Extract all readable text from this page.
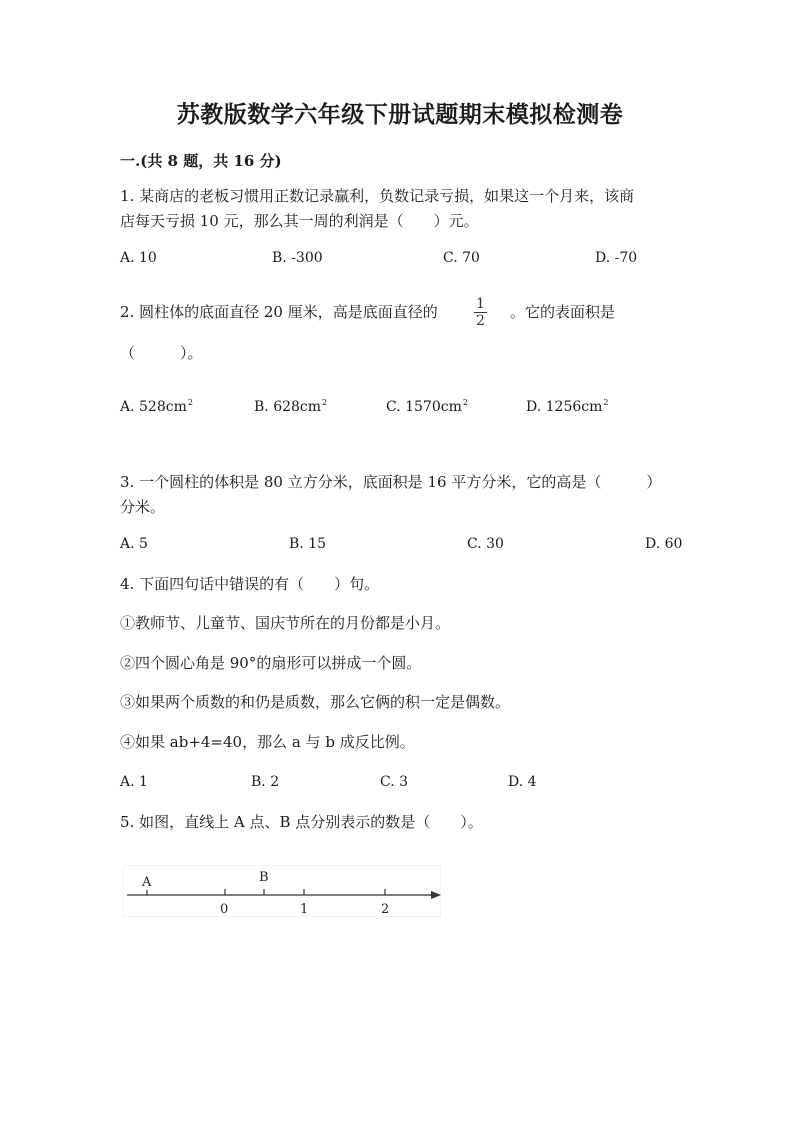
苏教版数学六年级下册试题期末模拟检测卷
一.(共 8 题，共 16 分)
1. 某商店的老板习惯用正数记录赢利，负数记录亏损，如果这一个月来，该商
店每天亏损 10 元，那么其一周的利润是（　　）元。
A. 10	B. -300	C. 70	D. -70
2. 圆柱体的底面直径 20 厘米，高是底面直径的	$\frac{1}{2}$ 。它的表面积是
（　　　）。
A. $528cm^2$	B. $628cm^2$	C. $1570cm^2$	D. $1256cm^2$
3. 一个圆柱的体积是 80 立方分米，底面积是 16 平方分米，它的高是（　　　）
分米。
A. 5	B. 15	C. 30	D. 60
4. 下面四句话中错误的有（　　）句。
①教师节、儿童节、国庆节所在的月份都是小月。
②四个圆心角是 90°的扇形可以拼成一个圆。
③如果两个质数的和仍是质数，那么它俩的积一定是偶数。
④如果 ab+4=40，那么 a 与 b 成反比例。
A. 1	B. 2	C. 3	D. 4
5. 如图，直线上 A 点、B 点分别表示的数是（　　）。
A	B
0	1	2
